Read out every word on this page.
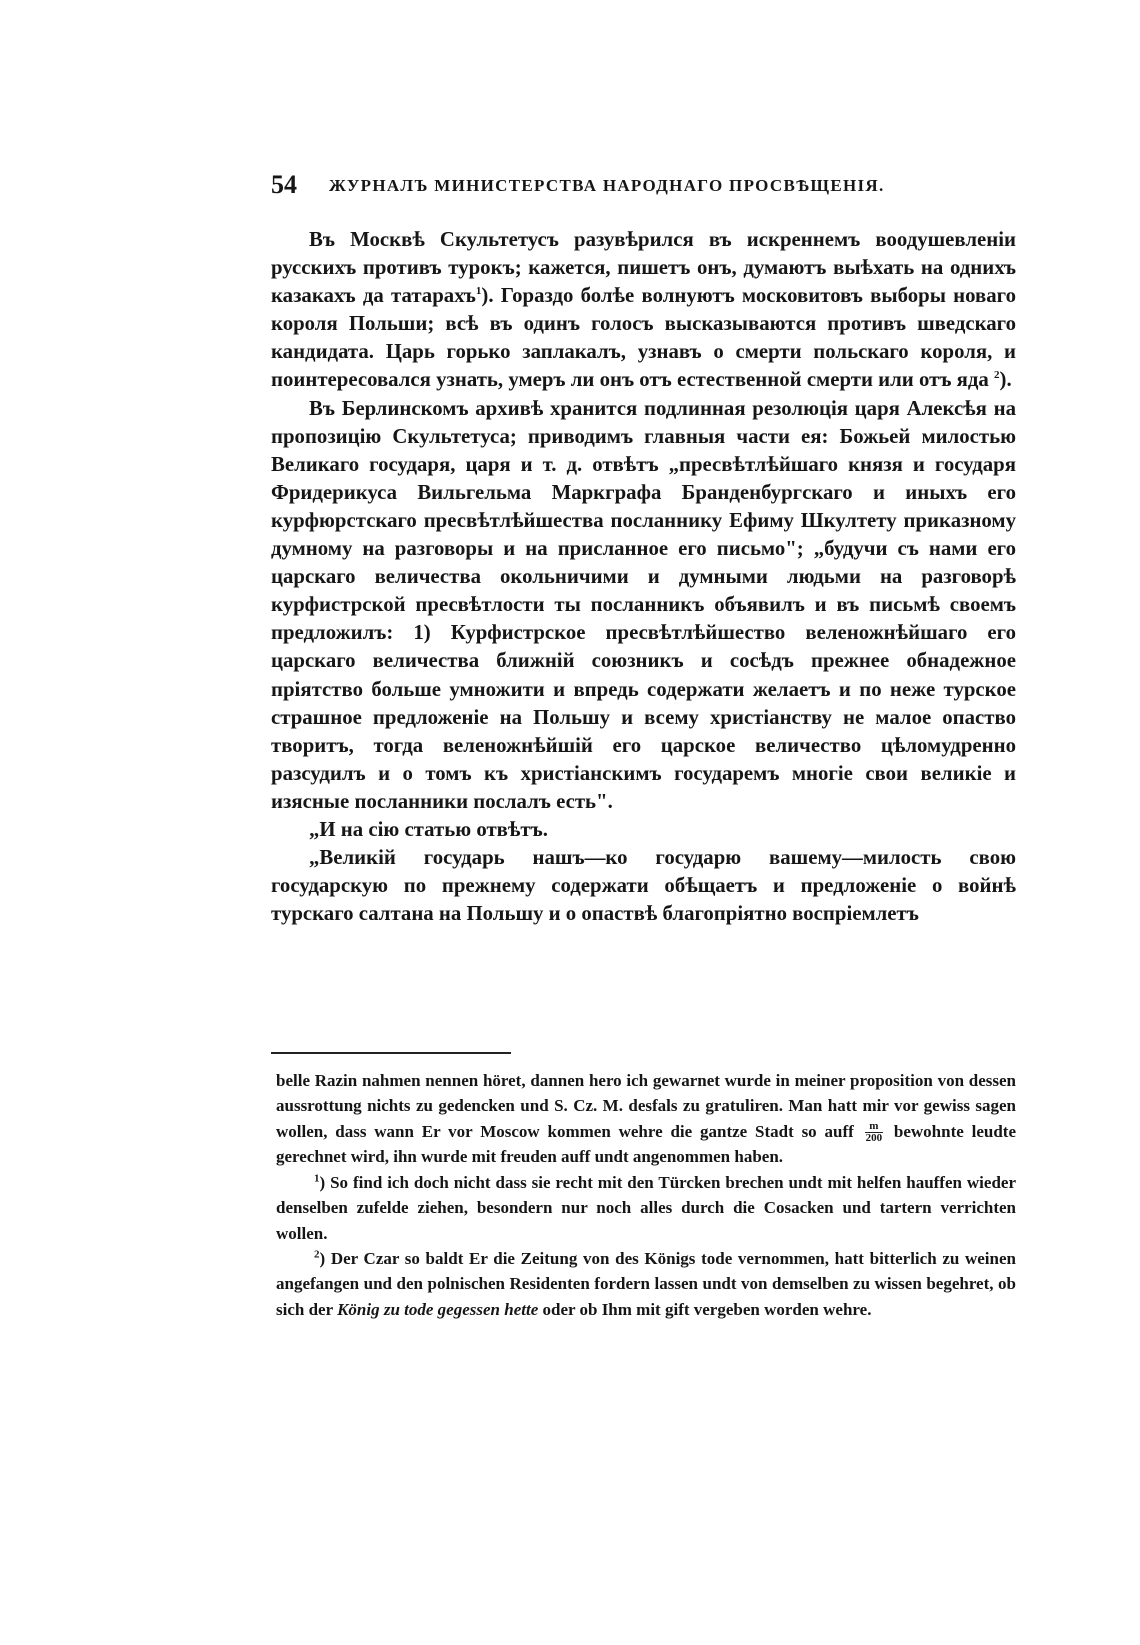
54 ЖУРНАЛЪ МИНИСТЕРСТВА НАРОДНАГО ПРОСВѢЩЕНІЯ.

Въ Москвѣ Скультетусъ разувѣрился въ искреннемъ воодушевленіи русскихъ противъ турокъ; кажется, пишетъ онъ, думаютъ выѣхать на однихъ казакахъ да татарахъ$^1$). Гораздо болѣе волнуютъ московитовъ выборы новаго короля Польши; всѣ въ одинъ голосъ высказываются противъ шведскаго кандидата. Царь горько заплакалъ, узнавъ о смерти польскаго короля, и поинтересовался узнать, умеръ ли онъ отъ естественной смерти или отъ яда $^2$).

Въ Берлинскомъ архивѣ хранится подлинная резолюція царя Алексѣя на пропозицію Скультетуса; приводимъ главныя части ея: Божьей милостью Великаго государя, царя и т. д. отвѣтъ „пресвѣтлѣйшаго князя и государя Фридерикуса Вильгельма Маркграфа Бранденбургскаго и иныхъ его курфюрстскаго пресвѣтлѣйшества посланнику Ефиму Шкултету приказному думному на разговоры и на присланное его письмо"; „будучи съ нами его царскаго величества окольничими и думными людьми на разговорѣ курфистрской пресвѣтлости ты посланникъ объявилъ и въ письмѣ своемъ предложилъ: 1) Курфистрское пресвѣтлѣйшество веленожнѣйшаго его царскаго величества ближній союзникъ и сосѣдъ прежнее обнадежное пріятство больше умножити и впредь содержати желаетъ и по неже турское страшное предложеніе на Польшу и всему христіанству не малое опаство творитъ, тогда веленожнѣйшій его царское величество цѣломудренно разсудилъ и о томъ къ христіанскимъ государемъ многіе свои великіе и изясные посланники послалъ есть".

„И на сію статью отвѣтъ.

„Великій государь нашъ—ко государю вашему—милость свою государскую по прежнему содержати обѣщаетъ и предложеніе о войнѣ турскаго салтана на Польшу и о опаствѣ благопріятно воспріемлетъ

belle Razin nahmen nennen höret, dannen hero ich gewarnet wurde in meiner proposition von dessen aussrottung nichts zu gedencken und S. Cz. M. desfals zu gratuliren. Man hatt mir vor gewiss sagen wollen, dass wann Er vor Moscow kommen wehre die gantze Stadt so auff $\frac{m}{200}$ bewohnte leudte gerechnet wird, ihn wurde mit freuden auff undt angenommen haben.

$^1$) So find ich doch nicht dass sie recht mit den Türcken brechen undt mit helfen hauffen wieder denselben zufelde ziehen, besondern nur noch alles durch die Cosacken und tartern verrichten wollen.

$^2$) Der Czar so baldt Er die Zeitung von des Königs tode vernommen, hatt bitterlich zu weinen angefangen und den polnischen Residenten fordern lassen undt von demselben zu wissen begehret, ob sich der König zu tode gegessen hette oder ob Ihm mit gift vergeben worden wehre.
